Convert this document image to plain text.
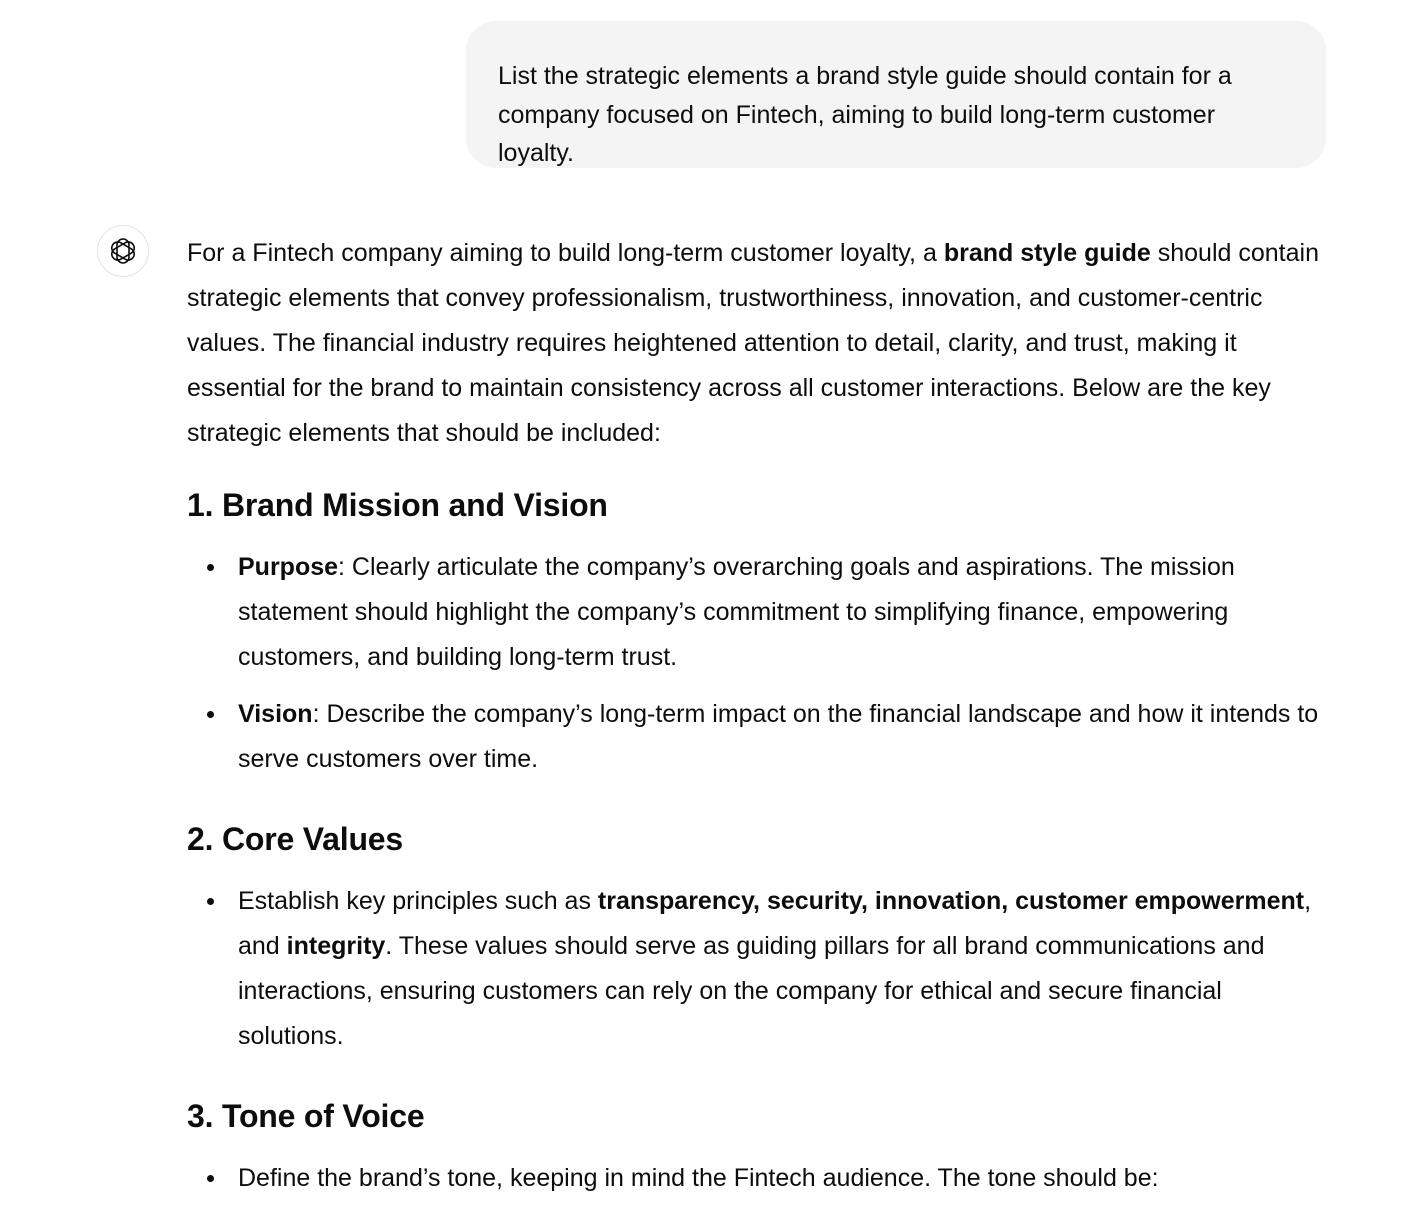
List the strategic elements a brand style guide should contain for a company focused on Fintech, aiming to build long-term customer loyalty.

For a Fintech company aiming to build long-term customer loyalty, a brand style guide should contain strategic elements that convey professionalism, trustworthiness, innovation, and customer-centric values. The financial industry requires heightened attention to detail, clarity, and trust, making it essential for the brand to maintain consistency across all customer interactions. Below are the key strategic elements that should be included:

1. Brand Mission and Vision
Purpose: Clearly articulate the company’s overarching goals and aspirations. The mission statement should highlight the company’s commitment to simplifying finance, empowering customers, and building long-term trust.
Vision: Describe the company’s long-term impact on the financial landscape and how it intends to serve customers over time.
2. Core Values
Establish key principles such as transparency, security, innovation, customer empowerment, and integrity. These values should serve as guiding pillars for all brand communications and interactions, ensuring customers can rely on the company for ethical and secure financial solutions.
3. Tone of Voice
Define the brand’s tone, keeping in mind the Fintech audience. The tone should be:
